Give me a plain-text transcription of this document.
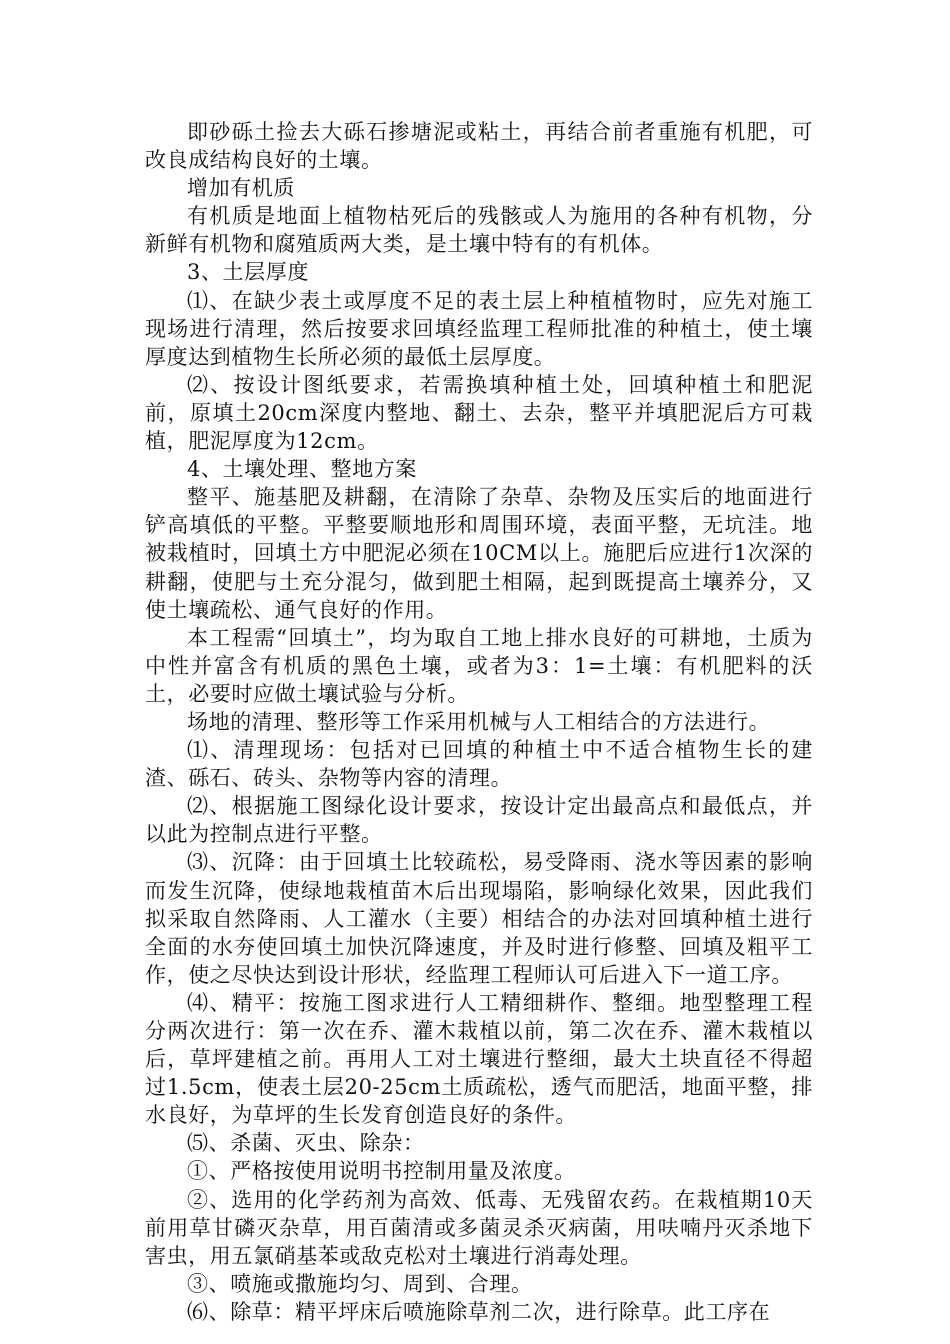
即砂砾土捡去大砾石掺塘泥或粘土，再结合前者重施有机肥，可改良成结构良好的土壤。

增加有机质

有机质是地面上植物枯死后的残骸或人为施用的各种有机物，分新鲜有机物和腐殖质两大类，是土壤中特有的有机体。

3、土层厚度

⑴、在缺少表土或厚度不足的表土层上种植植物时，应先对施工现场进行清理，然后按要求回填经监理工程师批准的种植土，使土壤厚度达到植物生长所必须的最低土层厚度。

⑵、按设计图纸要求，若需换填种植土处，回填种植土和肥泥前，原填土20cm深度内整地、翻土、去杂，整平并填肥泥后方可栽植，肥泥厚度为12cm。

4、土壤处理、整地方案

整平、施基肥及耕翻，在清除了杂草、杂物及压实后的地面进行铲高填低的平整。平整要顺地形和周围环境，表面平整，无坑洼。地被栽植时，回填土方中肥泥必须在10CM以上。施肥后应进行1次深的耕翻，使肥与土充分混匀，做到肥土相隔，起到既提高土壤养分，又使土壤疏松、通气良好的作用。

本工程需“回填土”，均为取自工地上排水良好的可耕地，土质为中性并富含有机质的黑色土壤，或者为3：1=土壤：有机肥料的沃土，必要时应做土壤试验与分析。

场地的清理、整形等工作采用机械与人工相结合的方法进行。

⑴、清理现场：包括对已回填的种植土中不适合植物生长的建渣、砾石、砖头、杂物等内容的清理。

⑵、根据施工图绿化设计要求，按设计定出最高点和最低点，并以此为控制点进行平整。

⑶、沉降：由于回填土比较疏松，易受降雨、浇水等因素的影响而发生沉降，使绿地栽植苗木后出现塌陷，影响绿化效果，因此我们拟采取自然降雨、人工灌水（主要）相结合的办法对回填种植土进行全面的水夯使回填土加快沉降速度，并及时进行修整、回填及粗平工作，使之尽快达到设计形状，经监理工程师认可后进入下一道工序。

⑷、精平：按施工图求进行人工精细耕作、整细。地型整理工程分两次进行：第一次在乔、灌木栽植以前，第二次在乔、灌木栽植以后，草坪建植之前。再用人工对土壤进行整细，最大土块直径不得超过1.5cm，使表土层20-25cm土质疏松，透气而肥活，地面平整，排水良好，为草坪的生长发育创造良好的条件。

⑸、杀菌、灭虫、除杂：

①、严格按使用说明书控制用量及浓度。

②、选用的化学药剂为高效、低毒、无残留农药。在栽植期10天前用草甘磷灭杂草，用百菌清或多菌灵杀灭病菌，用呋喃丹灭杀地下害虫，用五氯硝基苯或敌克松对土壤进行消毒处理。

③、喷施或撒施均匀、周到、合理。

⑹、除草：精平坪床后喷施除草剂二次，进行除草。此工序在
